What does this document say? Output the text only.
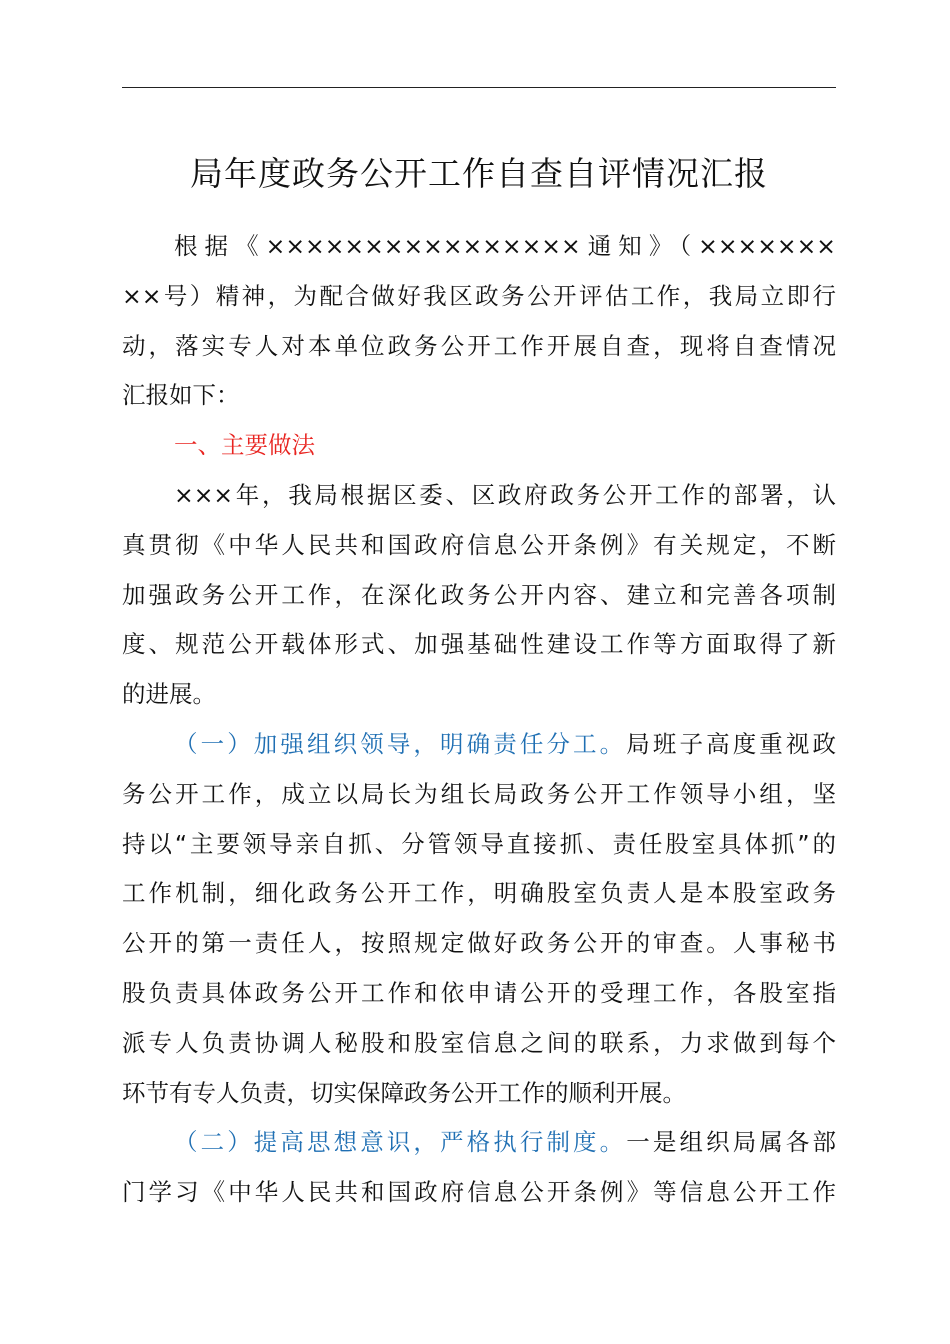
局年度政务公开工作自查自评情况汇报
根据《××××××××××××××××通知》（×××××××
××号）精神，为配合做好我区政务公开评估工作，我局立即行
动，落实专人对本单位政务公开工作开展自查，现将自查情况
汇报如下：
一、主要做法
×××年，我局根据区委、区政府政务公开工作的部署，认
真贯彻《中华人民共和国政府信息公开条例》有关规定，不断
加强政务公开工作，在深化政务公开内容、建立和完善各项制
度、规范公开载体形式、加强基础性建设工作等方面取得了新
的进展。
（一）加强组织领导，明确责任分工。局班子高度重视政
务公开工作，成立以局长为组长局政务公开工作领导小组，坚
持以“主要领导亲自抓、分管领导直接抓、责任股室具体抓”的
工作机制，细化政务公开工作，明确股室负责人是本股室政务
公开的第一责任人，按照规定做好政务公开的审查。人事秘书
股负责具体政务公开工作和依申请公开的受理工作，各股室指
派专人负责协调人秘股和股室信息之间的联系，力求做到每个
环节有专人负责，切实保障政务公开工作的顺利开展。
（二）提高思想意识，严格执行制度。一是组织局属各部
门学习《中华人民共和国政府信息公开条例》等信息公开工作
